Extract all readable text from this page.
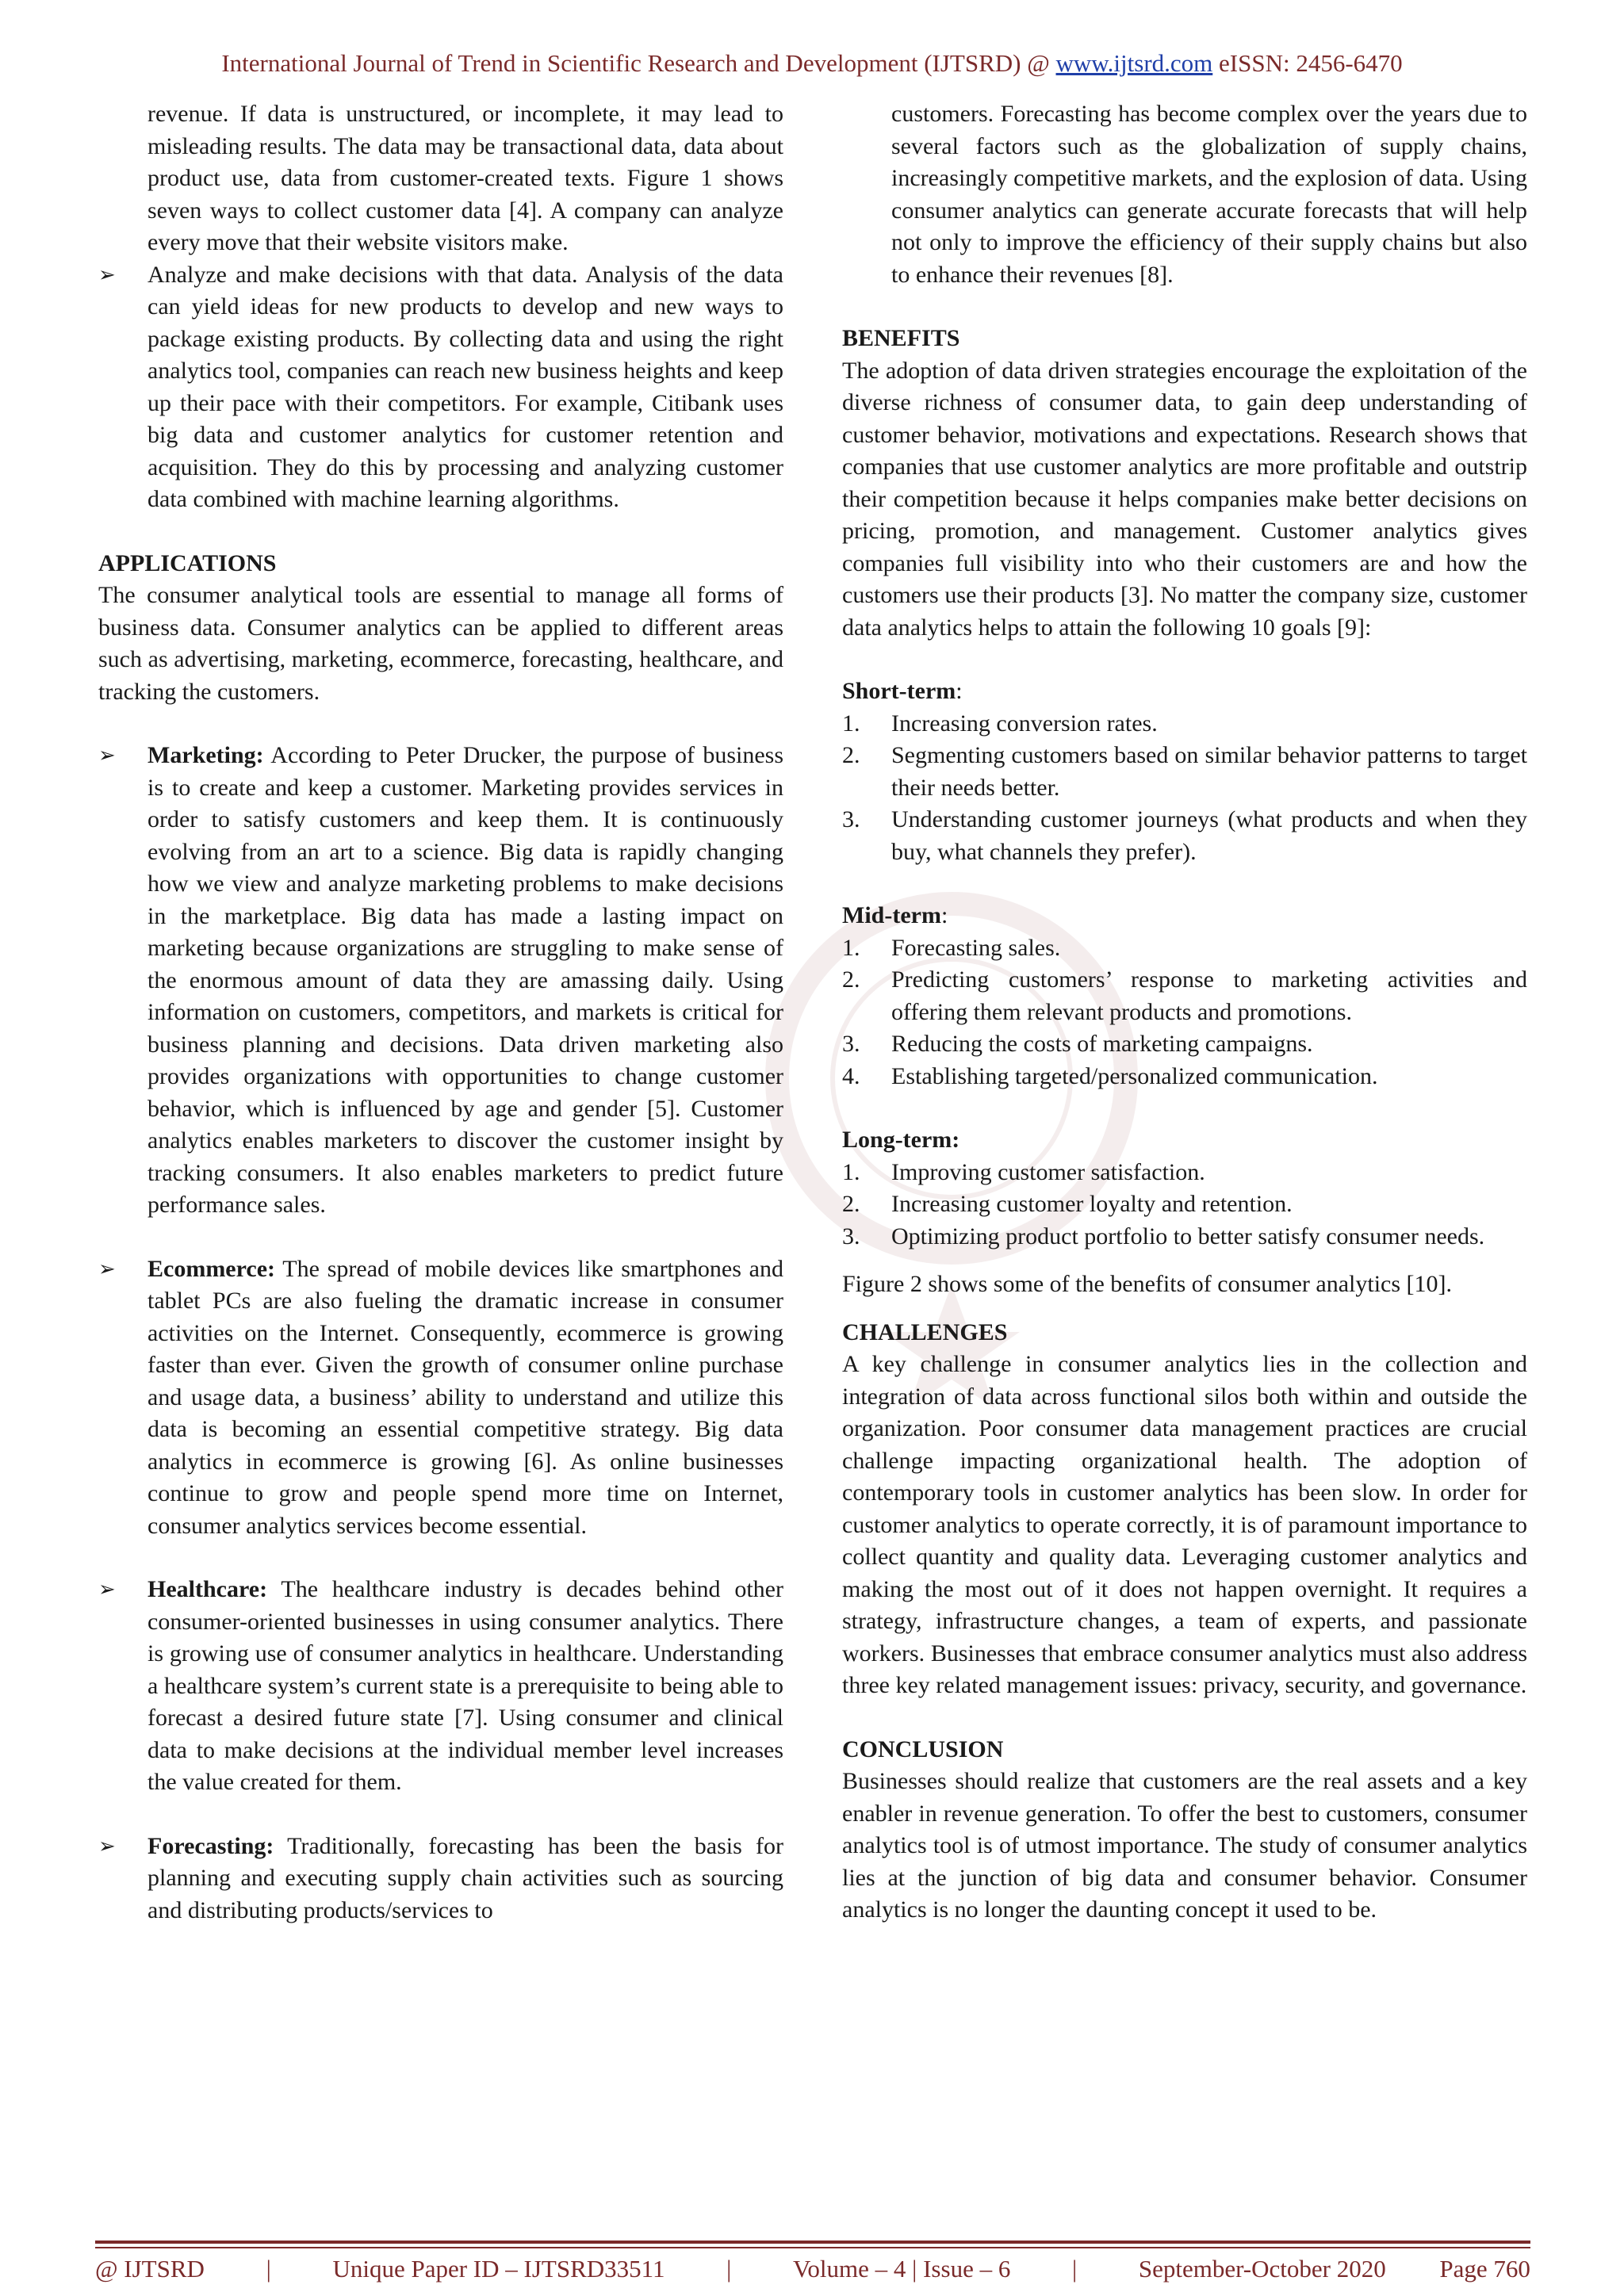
International Journal of Trend in Scientific Research and Development (IJTSRD) @ www.ijtsrd.com eISSN: 2456-6470

revenue. If data is unstructured, or incomplete, it may lead to misleading results. The data may be transactional data, data about product use, data from customer-created texts. Figure 1 shows seven ways to collect customer data [4]. A company can analyze every move that their website visitors make.

➢	Analyze and make decisions with that data. Analysis of the data can yield ideas for new products to develop and new ways to package existing products. By collecting data and using the right analytics tool, companies can reach new business heights and keep up their pace with their competitors. For example, Citibank uses big data and customer analytics for customer retention and acquisition. They do this by processing and analyzing customer data combined with machine learning algorithms.
APPLICATIONS

The consumer analytical tools are essential to manage all forms of business data. Consumer analytics can be applied to different areas such as advertising, marketing, ecommerce, forecasting, healthcare, and tracking the customers.

➢	Marketing: According to Peter Drucker, the purpose of business is to create and keep a customer. Marketing provides services in order to satisfy customers and keep them. It is continuously evolving from an art to a science. Big data is rapidly changing how we view and analyze marketing problems to make decisions in the marketplace. Big data has made a lasting impact on marketing because organizations are struggling to make sense of the enormous amount of data they are amassing daily. Using information on customers, competitors, and markets is critical for business planning and decisions. Data driven marketing also provides organizations with opportunities to change customer behavior, which is influenced by age and gender [5]. Customer analytics enables marketers to discover the customer insight by tracking consumers. It also enables marketers to predict future performance sales.
➢	Ecommerce: The spread of mobile devices like smartphones and tablet PCs are also fueling the dramatic increase in consumer activities on the Internet. Consequently, ecommerce is growing faster than ever. Given the growth of consumer online purchase and usage data, a business’ ability to understand and utilize this data is becoming an essential competitive strategy. Big data analytics in ecommerce is growing [6]. As online businesses continue to grow and people spend more time on Internet, consumer analytics services become essential.
➢	Healthcare: The healthcare industry is decades behind other consumer-oriented businesses in using consumer analytics. There is growing use of consumer analytics in healthcare. Understanding a healthcare system’s current state is a prerequisite to being able to forecast a desired future state [7]. Using consumer and clinical data to make decisions at the individual member level increases the value created for them.
➢	Forecasting: Traditionally, forecasting has been the basis for planning and executing supply chain activities such as sourcing and distributing products/services to

customers. Forecasting has become complex over the years due to several factors such as the globalization of supply chains, increasingly competitive markets, and the explosion of data. Using consumer analytics can generate accurate forecasts that will help not only to improve the efficiency of their supply chains but also to enhance their revenues [8].

BENEFITS

The adoption of data driven strategies encourage the exploitation of the diverse richness of consumer data, to gain deep understanding of customer behavior, motivations and expectations. Research shows that companies that use customer analytics are more profitable and outstrip their competition because it helps companies make better decisions on pricing, promotion, and management. Customer analytics gives companies full visibility into who their customers are and how the customers use their products [3]. No matter the company size, customer data analytics helps to attain the following 10 goals [9]:

Short-term:
1. Increasing conversion rates.
2. Segmenting customers based on similar behavior patterns to target their needs better.
3. Understanding customer journeys (what products and when they buy, what channels they prefer).
Mid-term:
1. Forecasting sales.
2. Predicting customers’ response to marketing activities and offering them relevant products and promotions.
3. Reducing the costs of marketing campaigns.
4. Establishing targeted/personalized communication.
Long-term:
1. Improving customer satisfaction.
2. Increasing customer loyalty and retention.
3. Optimizing product portfolio to better satisfy consumer needs.

Figure 2 shows some of the benefits of consumer analytics [10].

CHALLENGES

A key challenge in consumer analytics lies in the collection and integration of data across functional silos both within and outside the organization. Poor consumer data management practices are crucial challenge impacting organizational health. The adoption of contemporary tools in customer analytics has been slow. In order for customer analytics to operate correctly, it is of paramount importance to collect quantity and quality data. Leveraging customer analytics and making the most out of it does not happen overnight. It requires a strategy, infrastructure changes, a team of experts, and passionate workers. Businesses that embrace consumer analytics must also address three key related management issues: privacy, security, and governance.

CONCLUSION

Businesses should realize that customers are the real assets and a key enabler in revenue generation. To offer the best to customers, consumer analytics tool is of utmost importance. The study of consumer analytics lies at the junction of big data and consumer behavior. Consumer analytics is no longer the daunting concept it used to be.

@ IJTSRD	|	Unique Paper ID – IJTSRD33511	|	Volume – 4 | Issue – 6	|	September-October 2020 Page 760
